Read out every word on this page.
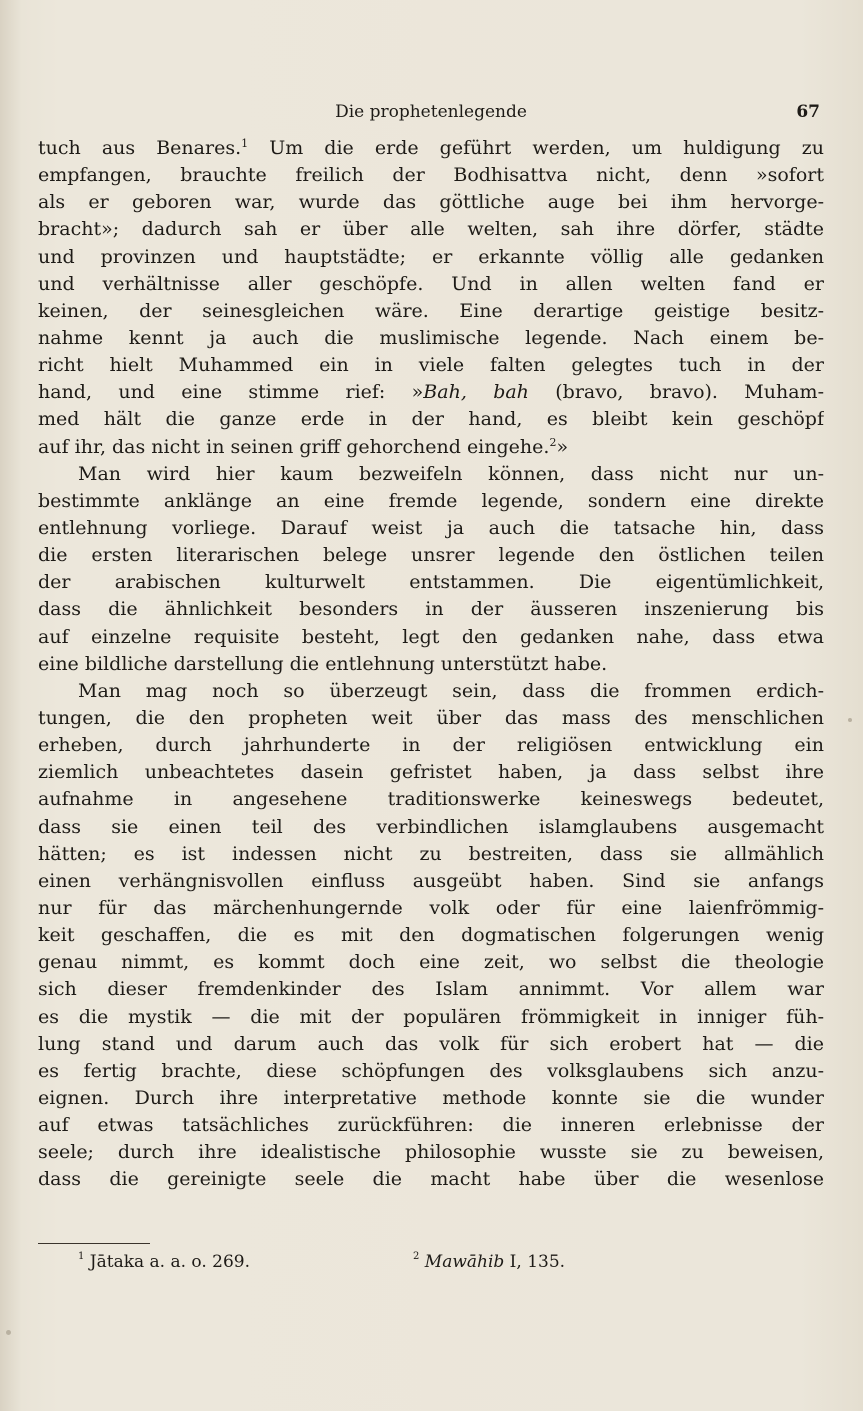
Die prophetenlegende	67
tuch aus Benares.$^1$ Um die erde geführt werden, um huldigung zu
empfangen, brauchte freilich der Bodhisattva nicht, denn »sofort
als er geboren war, wurde das göttliche auge bei ihm hervorge-
bracht»; dadurch sah er über alle welten, sah ihre dörfer, städte
und provinzen und hauptstädte; er erkannte völlig alle gedanken
und verhältnisse aller geschöpfe. Und in allen welten fand er
keinen, der seinesgleichen wäre. Eine derartige geistige besitz-
nahme kennt ja auch die muslimische legende. Nach einem be-
richt hielt Muhammed ein in viele falten gelegtes tuch in der
hand, und eine stimme rief: »Bah, bah (bravo, bravo). Muham-
med hält die ganze erde in der hand, es bleibt kein geschöpf
auf ihr, das nicht in seinen griff gehorchend eingehe.$^2$»
Man wird hier kaum bezweifeln können, dass nicht nur un-
bestimmte anklänge an eine fremde legende, sondern eine direkte
entlehnung vorliege. Darauf weist ja auch die tatsache hin, dass
die ersten literarischen belege unsrer legende den östlichen teilen
der arabischen kulturwelt entstammen. Die eigentümlichkeit,
dass die ähnlichkeit besonders in der äusseren inszenierung bis
auf einzelne requisite besteht, legt den gedanken nahe, dass etwa
eine bildliche darstellung die entlehnung unterstützt habe.
Man mag noch so überzeugt sein, dass die frommen erdich-
tungen, die den propheten weit über das mass des menschlichen
erheben, durch jahrhunderte in der religiösen entwicklung ein
ziemlich unbeachtetes dasein gefristet haben, ja dass selbst ihre
aufnahme in angesehene traditionswerke keineswegs bedeutet,
dass sie einen teil des verbindlichen islamglaubens ausgemacht
hätten; es ist indessen nicht zu bestreiten, dass sie allmählich
einen verhängnisvollen einfluss ausgeübt haben. Sind sie anfangs
nur für das märchenhungernde volk oder für eine laienfrömmig-
keit geschaffen, die es mit den dogmatischen folgerungen wenig
genau nimmt, es kommt doch eine zeit, wo selbst die theologie
sich dieser fremdenkinder des Islam annimmt. Vor allem war
es die mystik — die mit der populären frömmigkeit in inniger füh-
lung stand und darum auch das volk für sich erobert hat — die
es fertig brachte, diese schöpfungen des volksglaubens sich anzu-
eignen. Durch ihre interpretative methode konnte sie die wunder
auf etwas tatsächliches zurückführen: die inneren erlebnisse der
seele; durch ihre idealistische philosophie wusste sie zu beweisen,
dass die gereinigte seele die macht habe über die wesenlose
$^1$ Jātaka a. a. o. 269.	$^2$ Mawāhib I, 135.
